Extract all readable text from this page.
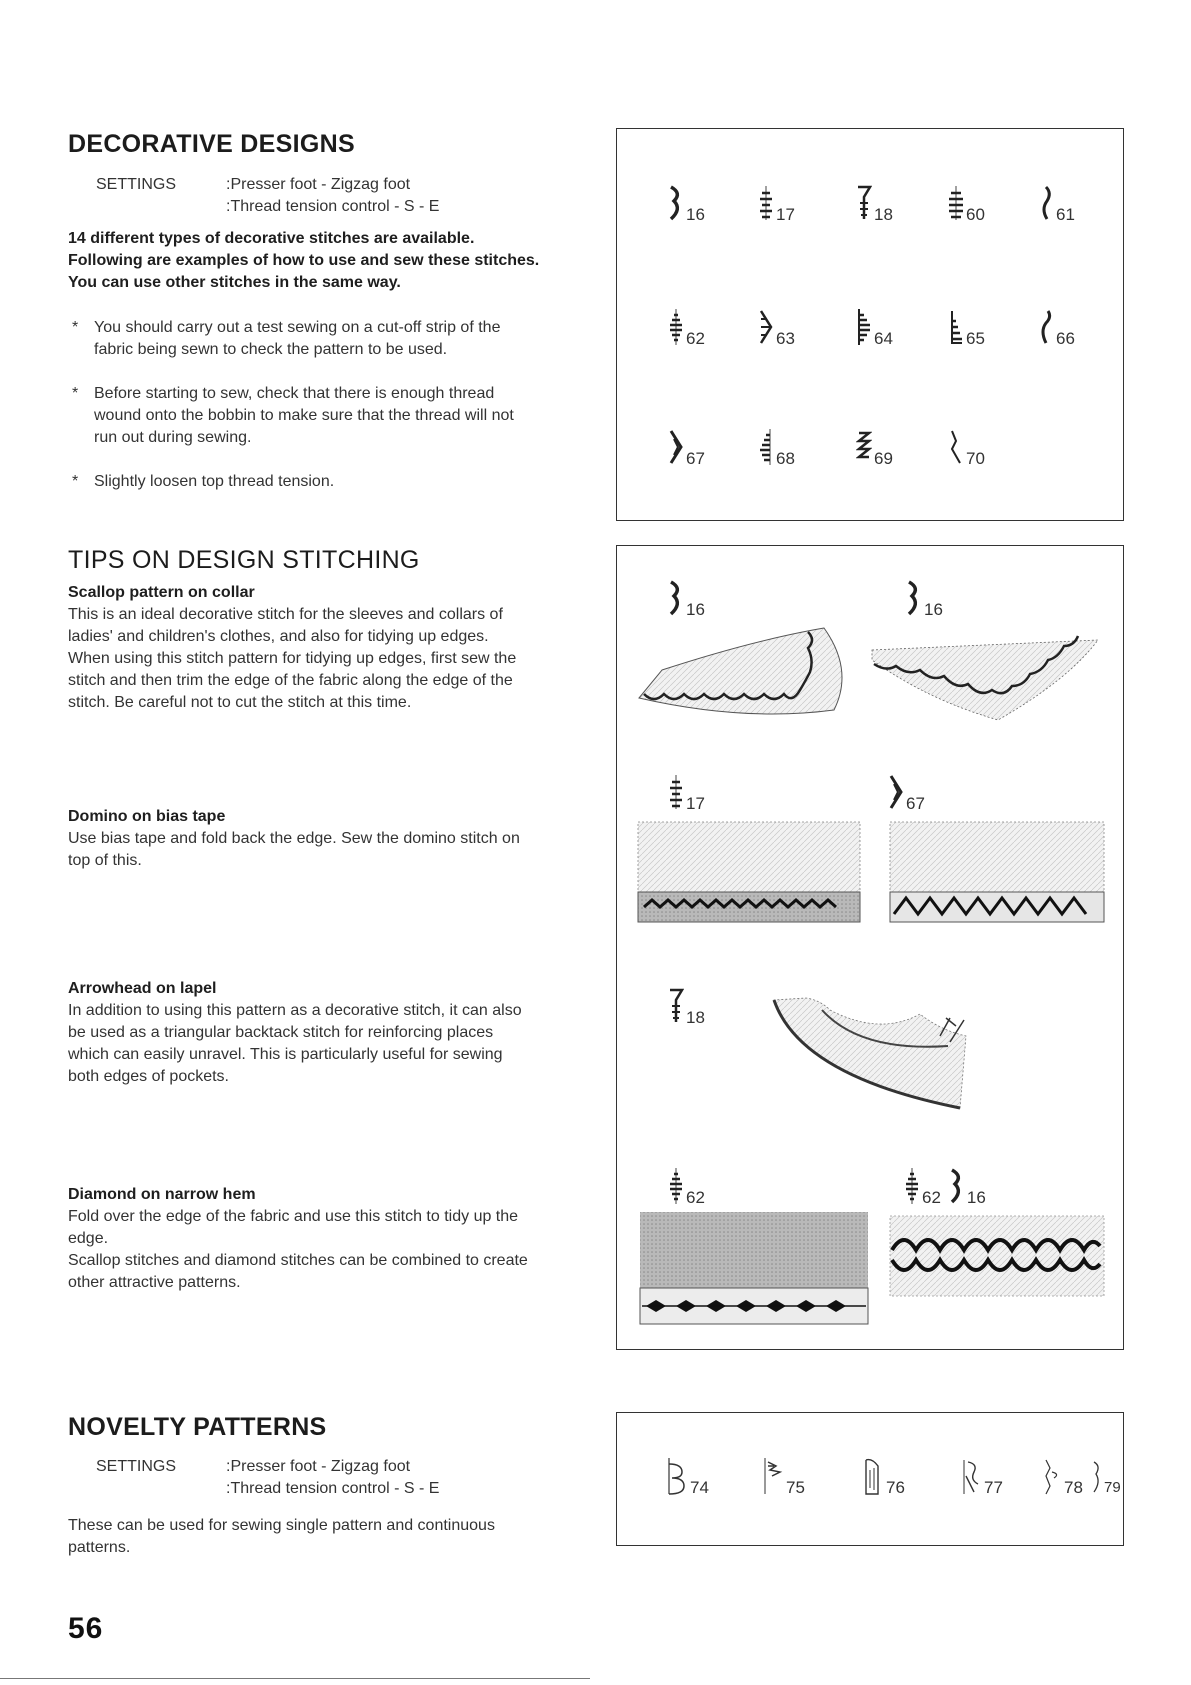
DECORATIVE DESIGNS
SETTINGS	:Presser foot - Zigzag foot
:Thread tension control - S - E
14 different types of decorative stitches are available.
Following are examples of how to use and sew these stitches.
You can use other stitches in the same way.
* You should carry out a test sewing on a cut-off strip of the
fabric being sewn to check the pattern to be used.
* Before starting to sew, check that there is enough thread
wound onto the bobbin to make sure that the thread will not
run out during sewing.
* Slightly loosen top thread tension.
16	17	18	60	61
62	63	64	65	66
67	68	69	70
TIPS ON DESIGN STITCHING
Scallop pattern on collar
This is an ideal decorative stitch for the sleeves and collars of
ladies' and children's clothes, and also for tidying up edges.
When using this stitch pattern for tidying up edges, first sew the
stitch and then trim the edge of the fabric along the edge of the
stitch. Be careful not to cut the stitch at this time.
Domino on bias tape
Use bias tape and fold back the edge. Sew the domino stitch on
top of this.
Arrowhead on lapel
In addition to using this pattern as a decorative stitch, it can also
be used as a triangular backtack stitch for reinforcing places
which can easily unravel. This is particularly useful for sewing
both edges of pockets.
Diamond on narrow hem
Fold over the edge of the fabric and use this stitch to tidy up the
edge.
Scallop stitches and diamond stitches can be combined to create
other attractive patterns.
16	16
17	67
18
62	62 16
NOVELTY PATTERNS
SETTINGS	:Presser foot - Zigzag foot
:Thread tension control - S - E
These can be used for sewing single pattern and continuous
patterns.
74	75	76	77	78
56
79
